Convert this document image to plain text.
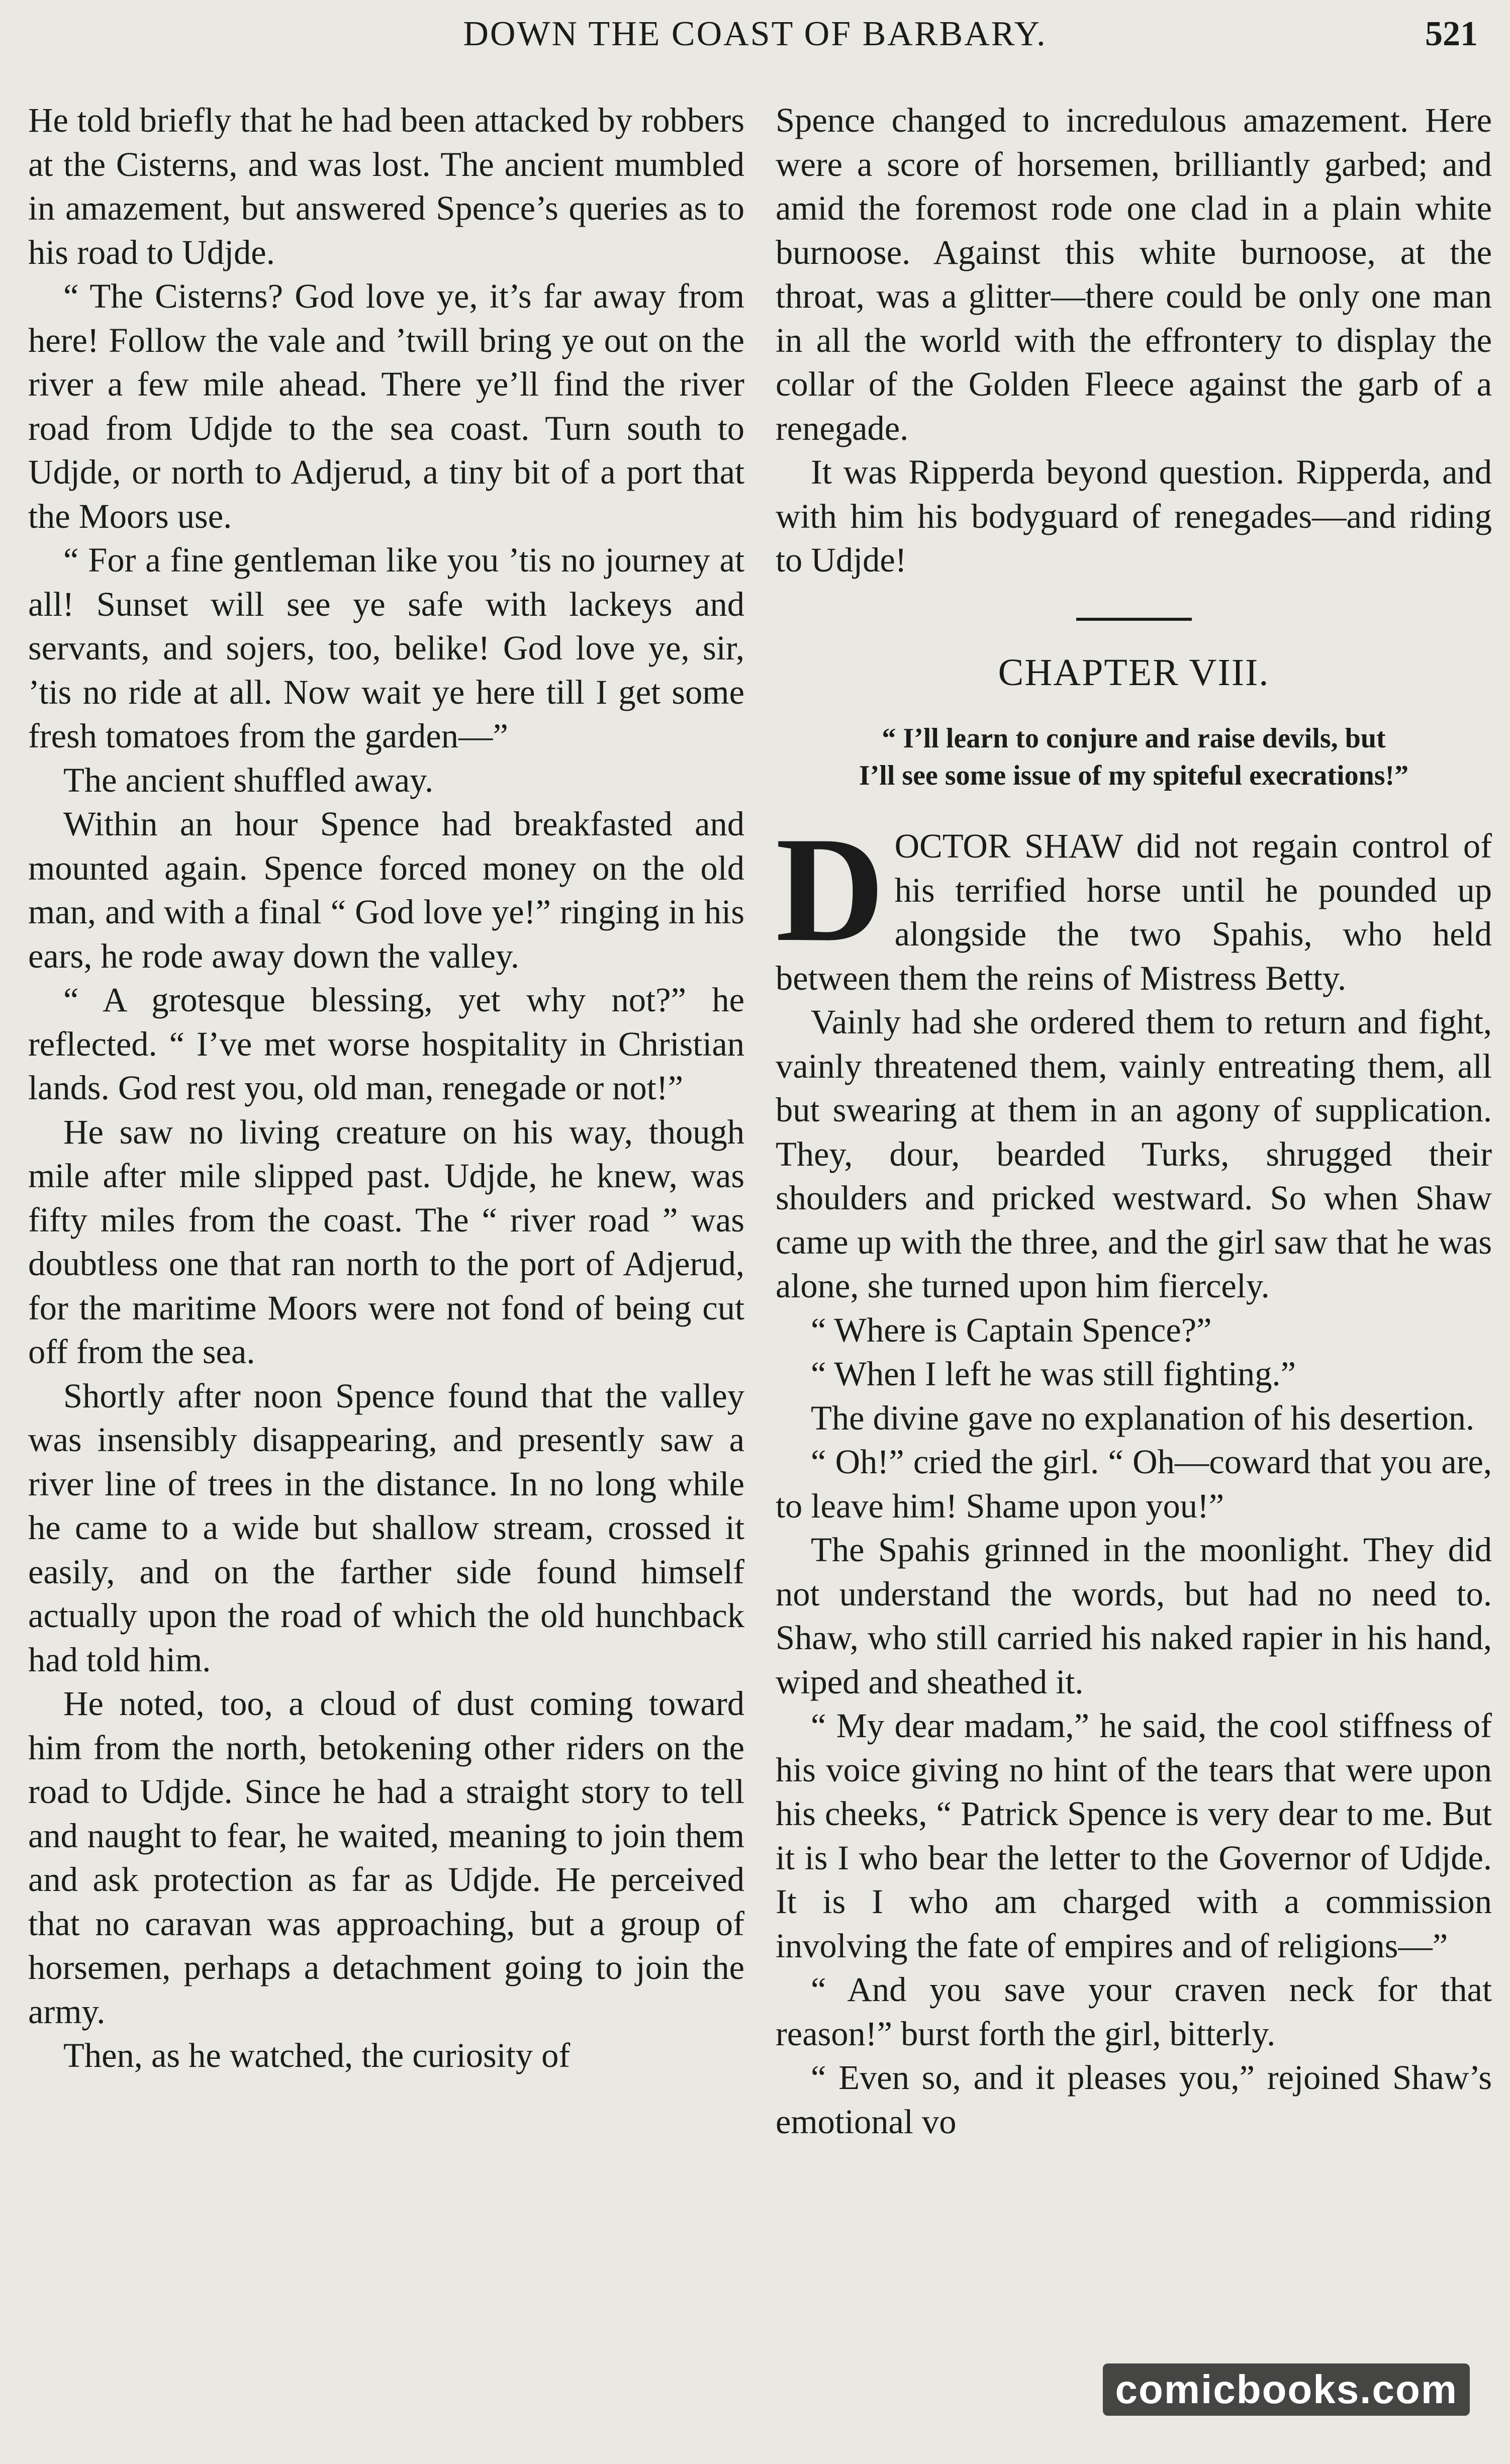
DOWN THE COAST OF BARBARY.	521

He told briefly that he had been attacked by robbers at the Cisterns, and was lost. The ancient mumbled in amazement, but answered Spence’s queries as to his road to Udjde.

“ The Cisterns? God love ye, it’s far away from here! Follow the vale and ’twill bring ye out on the river a few mile ahead. There ye’ll find the river road from Udjde to the sea coast. Turn south to Udjde, or north to Adjerud, a tiny bit of a port that the Moors use.

“ For a fine gentleman like you ’tis no journey at all! Sunset will see ye safe with lackeys and servants, and sojers, too, belike! God love ye, sir, ’tis no ride at all. Now wait ye here till I get some fresh tomatoes from the garden—”

The ancient shuffled away.

Within an hour Spence had breakfasted and mounted again. Spence forced money on the old man, and with a final “ God love ye!” ringing in his ears, he rode away down the valley.

“ A grotesque blessing, yet why not?” he reflected. “ I’ve met worse hospitality in Christian lands. God rest you, old man, renegade or not!”

He saw no living creature on his way, though mile after mile slipped past. Udjde, he knew, was fifty miles from the coast. The “ river road ” was doubtless one that ran north to the port of Adjerud, for the maritime Moors were not fond of being cut off from the sea.

Shortly after noon Spence found that the valley was insensibly disappearing, and presently saw a river line of trees in the distance. In no long while he came to a wide but shallow stream, crossed it easily, and on the farther side found himself actually upon the road of which the old hunchback had told him.

He noted, too, a cloud of dust coming toward him from the north, betokening other riders on the road to Udjde. Since he had a straight story to tell and naught to fear, he waited, meaning to join them and ask protection as far as Udjde. He perceived that no caravan was approaching, but a group of horsemen, perhaps a detachment going to join the army.

Then, as he watched, the curiosity of

Spence changed to incredulous amazement. Here were a score of horsemen, brilliantly garbed; and amid the foremost rode one clad in a plain white burnoose. Against this white burnoose, at the throat, was a glitter—there could be only one man in all the world with the effrontery to display the collar of the Golden Fleece against the garb of a renegade.

It was Ripperda beyond question. Ripperda, and with him his bodyguard of renegades—and riding to Udjde!

CHAPTER VIII.
“ I’ll learn to conjure and raise devils, but
I’ll see some issue of my spiteful execrations!”

DOCTOR SHAW did not regain control of his terrified horse until he pounded up alongside the two Spahis, who held between them the reins of Mistress Betty.

Vainly had she ordered them to return and fight, vainly threatened them, vainly entreating them, all but swearing at them in an agony of supplication. They, dour, bearded Turks, shrugged their shoulders and pricked westward. So when Shaw came up with the three, and the girl saw that he was alone, she turned upon him fiercely.

“ Where is Captain Spence?”

“ When I left he was still fighting.”

The divine gave no explanation of his desertion.

“ Oh!” cried the girl. “ Oh—coward that you are, to leave him! Shame upon you!”

The Spahis grinned in the moonlight. They did not understand the words, but had no need to. Shaw, who still carried his naked rapier in his hand, wiped and sheathed it.

“ My dear madam,” he said, the cool stiffness of his voice giving no hint of the tears that were upon his cheeks, “ Patrick Spence is very dear to me. But it is I who bear the letter to the Governor of Udjde. It is I who am charged with a commission involving the fate of empires and of religions—”

“ And you save your craven neck for that reason!” burst forth the girl, bitterly.

“ Even so, and it pleases you,” rejoined Shaw’s emotional vo

comicbooks.com
